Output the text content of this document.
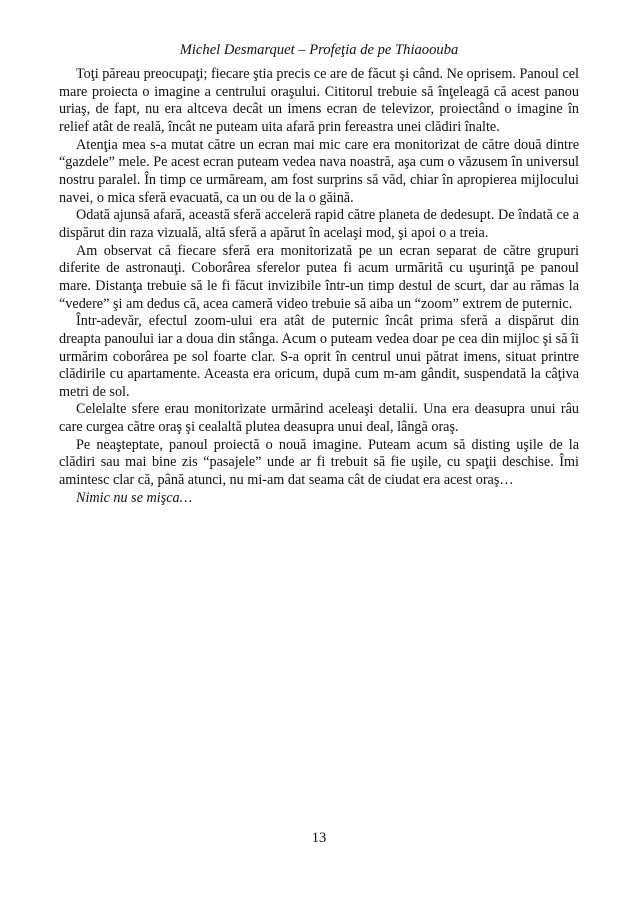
Michel Desmarquet – Profeţia de pe Thiaoouba

Toţi păreau preocupaţi; fiecare ştia precis ce are de făcut şi când. Ne oprisem. Panoul cel mare proiecta o imagine a centrului oraşului. Cititorul trebuie să înţeleagă că acest panou uriaş, de fapt, nu era altceva decât un imens ecran de televizor, proiectând o imagine în relief atât de reală, încât ne puteam uita afară prin fereastra unei clădiri înalte.

Atenţia mea s-a mutat către un ecran mai mic care era monitorizat de către două dintre “gazdele” mele. Pe acest ecran puteam vedea nava noastră, aşa cum o văzusem în universul nostru paralel. În timp ce urmăream, am fost surprins să văd, chiar în apropierea mijlocului navei, o mica sferă evacuată, ca un ou de la o găină.

Odată ajunsă afară, această sferă acceleră rapid către planeta de dedesupt. De îndată ce a dispărut din raza vizuală, altă sferă a apărut în acelaşi mod, şi apoi o a treia.

Am observat că fiecare sferă era monitorizată pe un ecran separat de către grupuri diferite de astronauţi. Coborârea sferelor putea fi acum urmărită cu uşurinţă pe panoul mare. Distanţa trebuie să le fi făcut invizibile într-un timp destul de scurt, dar au rămas la “vedere” şi am dedus că, acea cameră video trebuie să aiba un “zoom” extrem de puternic.

Într-adevăr, efectul zoom-ului era atât de puternic încât prima sferă a dispărut din dreapta panoului iar a doua din stânga. Acum o puteam vedea doar pe cea din mijloc şi să îi urmărim coborârea pe sol foarte clar. S-a oprit în centrul unui pătrat imens, situat printre clădirile cu apartamente. Aceasta era oricum, după cum m-am gândit, suspendată la câţiva metri de sol.

Celelalte sfere erau monitorizate urmărind aceleaşi detalii. Una era deasupra unui râu care curgea către oraş şi cealaltă plutea deasupra unui deal, lângă oraş.

Pe neaşteptate, panoul proiectă o nouă imagine. Puteam acum să disting uşile de la clădiri sau mai bine zis “pasajele” unde ar fi trebuit să fie uşile, cu spaţii deschise. Îmi amintesc clar că, până atunci, nu mi-am dat seama cât de ciudat era acest oraş…

Nimic nu se mişca…

13
